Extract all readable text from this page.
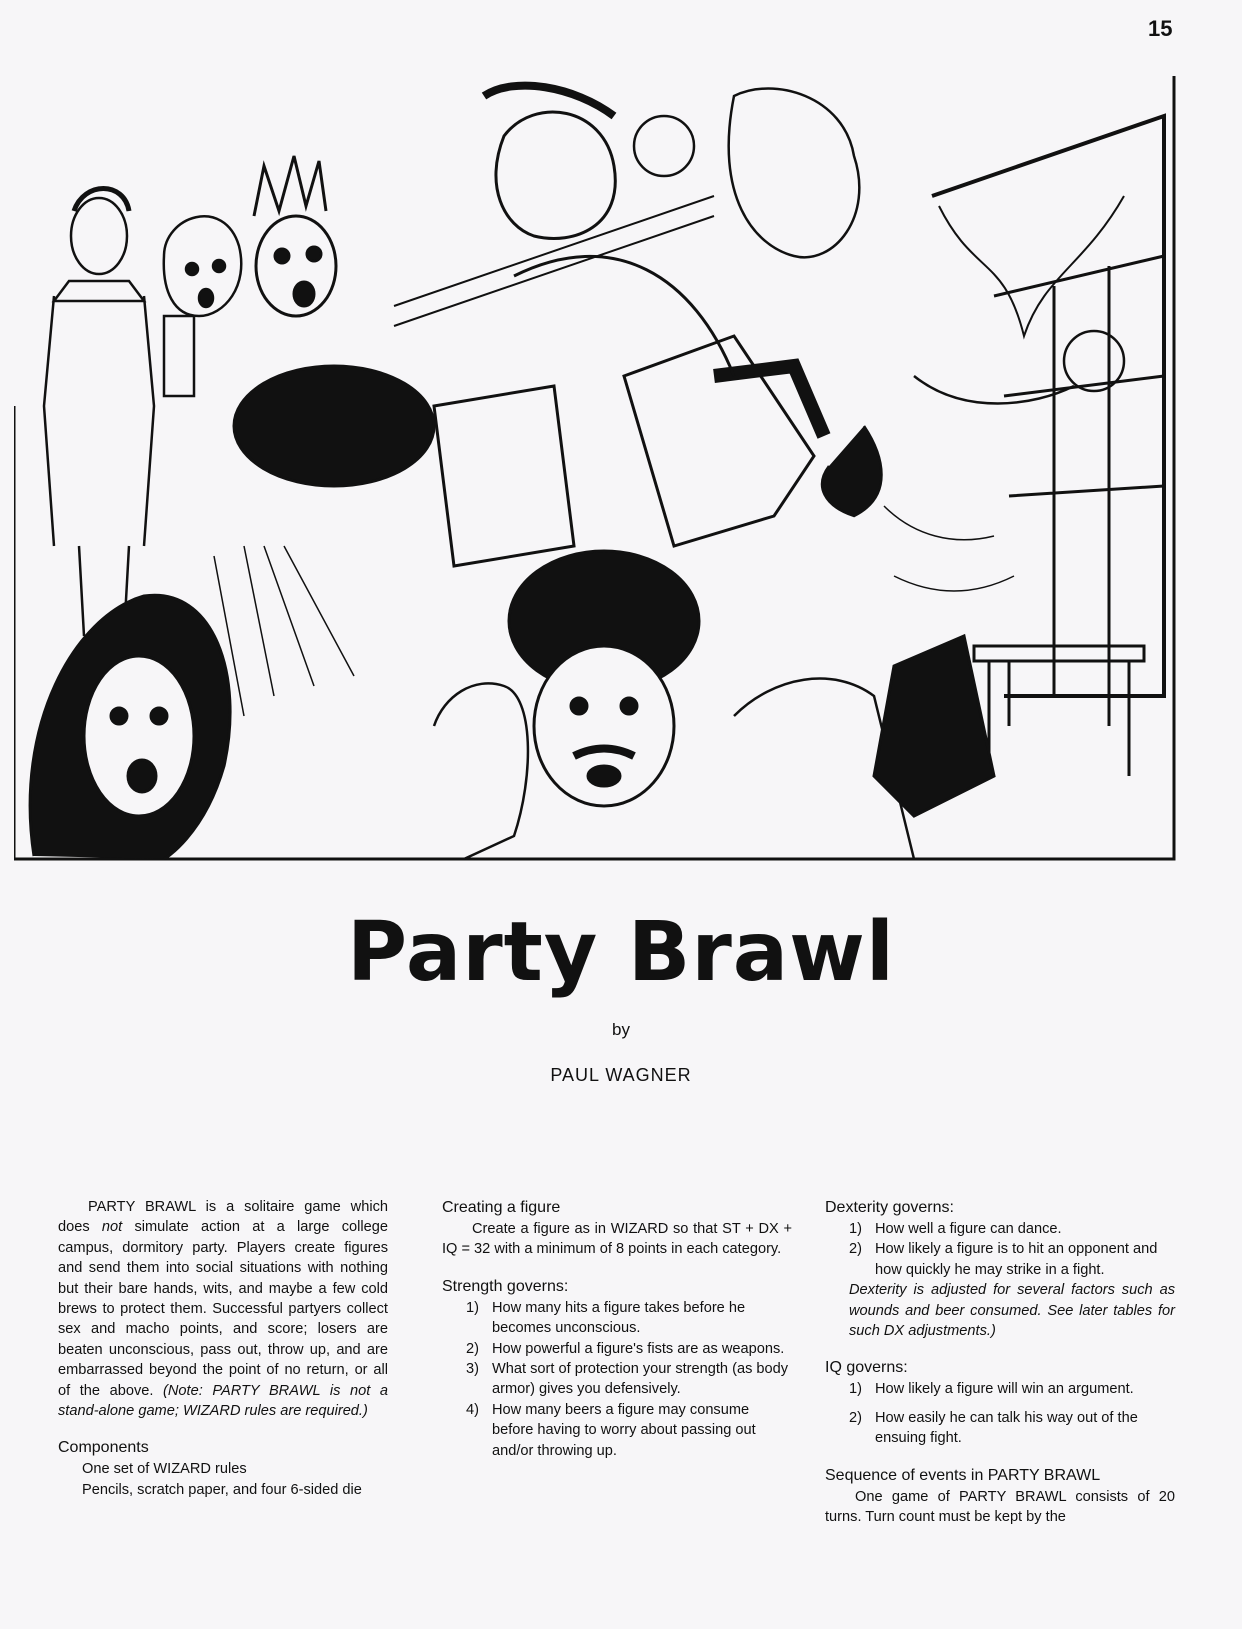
15
Party Brawl
by
PAUL WAGNER

PARTY BRAWL is a solitaire game which does not simulate action at a large college campus, dormitory party. Players create figures and send them into social situations with nothing but their bare hands, wits, and maybe a few cold brews to protect them. Successful partyers collect sex and macho points, and score; losers are beaten unconscious, pass out, throw up, and are embarrassed beyond the point of no return, or all of the above. (Note: PARTY BRAWL is not a stand-alone game; WIZARD rules are required.)

Components
One set of WIZARD rules
Pencils, scratch paper, and four 6-sided die
Creating a figure

Create a figure as in WIZARD so that ST + DX + IQ = 32 with a minimum of 8 points in each category.

Strength governs:
1) How many hits a figure takes before he becomes unconscious.
2) How powerful a figure's fists are as weapons.
3) What sort of protection your strength (as body armor) gives you defensively.
4) How many beers a figure may consume before having to worry about passing out and/or throwing up.
Dexterity governs:
1) How well a figure can dance.
2) How likely a figure is to hit an opponent and how quickly he may strike in a fight.

Dexterity is adjusted for several factors such as wounds and beer consumed. See later tables for such DX adjustments.)

IQ governs:
1) How likely a figure will win an argument.
2) How easily he can talk his way out of the ensuing fight.
Sequence of events in PARTY BRAWL

One game of PARTY BRAWL consists of 20 turns. Turn count must be kept by the
